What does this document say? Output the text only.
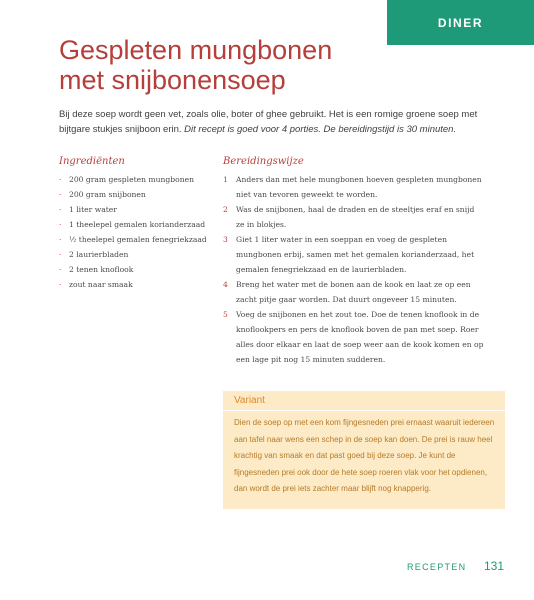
DINER
Gespleten mungbonen
met snijbonensoep

Bij deze soep wordt geen vet, zoals olie, boter of ghee gebruikt. Het is een romige groene soep met bijtgare stukjes snijboon erin. Dit recept is goed voor 4 porties. De bereidingstijd is 30 minuten.

Ingrediënten
· 200 gram gespleten mungbonen
· 200 gram snijbonen
· 1 liter water
· 1 theelepel gemalen korianderzaad
· ½ theelepel gemalen fenegriekzaad
· 2 laurierbladen
· 2 tenen knoflook
· zout naar smaak
Bereidingswijze
1 Anders dan met hele mungbonen hoeven gespleten mungbonen niet van tevoren geweekt te worden.
2 Was de snijbonen, haal de draden en de steeltjes eraf en snijd ze in blokjes.
3 Giet 1 liter water in een soeppan en voeg de gespleten mungbonen erbij, samen met het gemalen korianderzaad, het gemalen fenegriekzaad en de laurierbladen.
4 Breng het water met de bonen aan de kook en laat ze op een zacht pitje gaar worden. Dat duurt ongeveer 15 minuten.
5 Voeg de snijbonen en het zout toe. Doe de tenen knoflook in de knoflookpers en pers de knoflook boven de pan met soep. Roer alles door elkaar en laat de soep weer aan de kook komen en op een lage pit nog 15 minuten sudderen.
Variant
Dien de soep op met een kom fijngesneden prei ernaast waaruit iedereen aan tafel naar wens een schep in de soep kan doen. De prei is rauw heel krachtig van smaak en dat past goed bij deze soep. Je kunt de fijngesneden prei ook door de hete soep roeren vlak voor het opdienen, dan wordt de prei iets zachter maar blijft nog knapperig.
RECEPTEN 131
